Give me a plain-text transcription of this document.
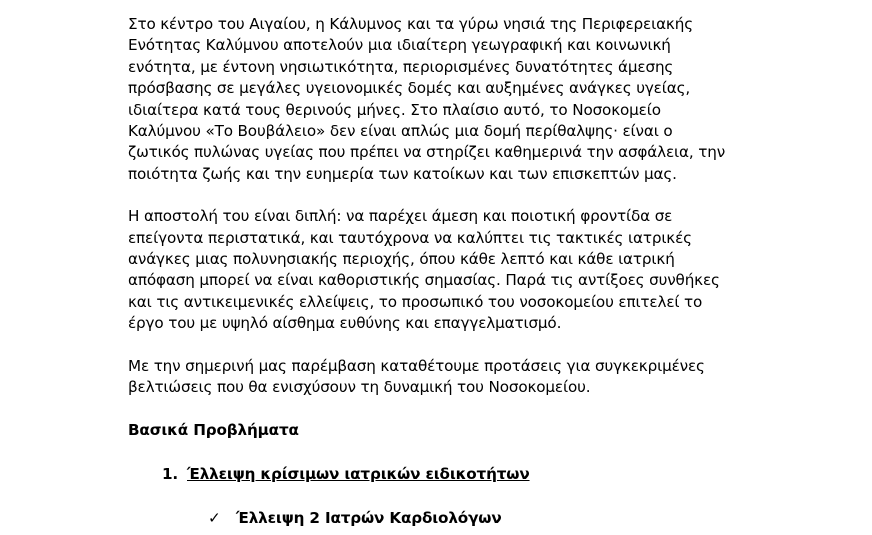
Στο κέντρο του Αιγαίου, η Κάλυμνος και τα γύρω νησιά της Περιφερειακής
Ενότητας Καλύμνου αποτελούν μια ιδιαίτερη γεωγραφική και κοινωνική
ενότητα, με έντονη νησιωτικότητα, περιορισμένες δυνατότητες άμεσης
πρόσβασης σε μεγάλες υγειονομικές δομές και αυξημένες ανάγκες υγείας,
ιδιαίτερα κατά τους θερινούς μήνες. Στο πλαίσιο αυτό, το Νοσοκομείο
Καλύμνου «Το Βουβάλειο» δεν είναι απλώς μια δομή περίθαλψης· είναι ο
ζωτικός πυλώνας υγείας που πρέπει να στηρίζει καθημερινά την ασφάλεια, την
ποιότητα ζωής και την ευημερία των κατοίκων και των επισκεπτών μας.

Η αποστολή του είναι διπλή: να παρέχει άμεση και ποιοτική φροντίδα σε
επείγοντα περιστατικά, και ταυτόχρονα να καλύπτει τις τακτικές ιατρικές
ανάγκες μιας πολυνησιακής περιοχής, όπου κάθε λεπτό και κάθε ιατρική
απόφαση μπορεί να είναι καθοριστικής σημασίας. Παρά τις αντίξοες συνθήκες
και τις αντικειμενικές ελλείψεις, το προσωπικό του νοσοκομείου επιτελεί το
έργο του με υψηλό αίσθημα ευθύνης και επαγγελματισμό.

Με την σημερινή μας παρέμβαση καταθέτουμε προτάσεις για συγκεκριμένες
βελτιώσεις που θα ενισχύσουν τη δυναμική του Νοσοκομείου.

Βασικά Προβλήματα
1. Έλλειψη κρίσιμων ιατρικών ειδικοτήτων
✓ Έλλειψη 2 Ιατρών Καρδιολόγων
